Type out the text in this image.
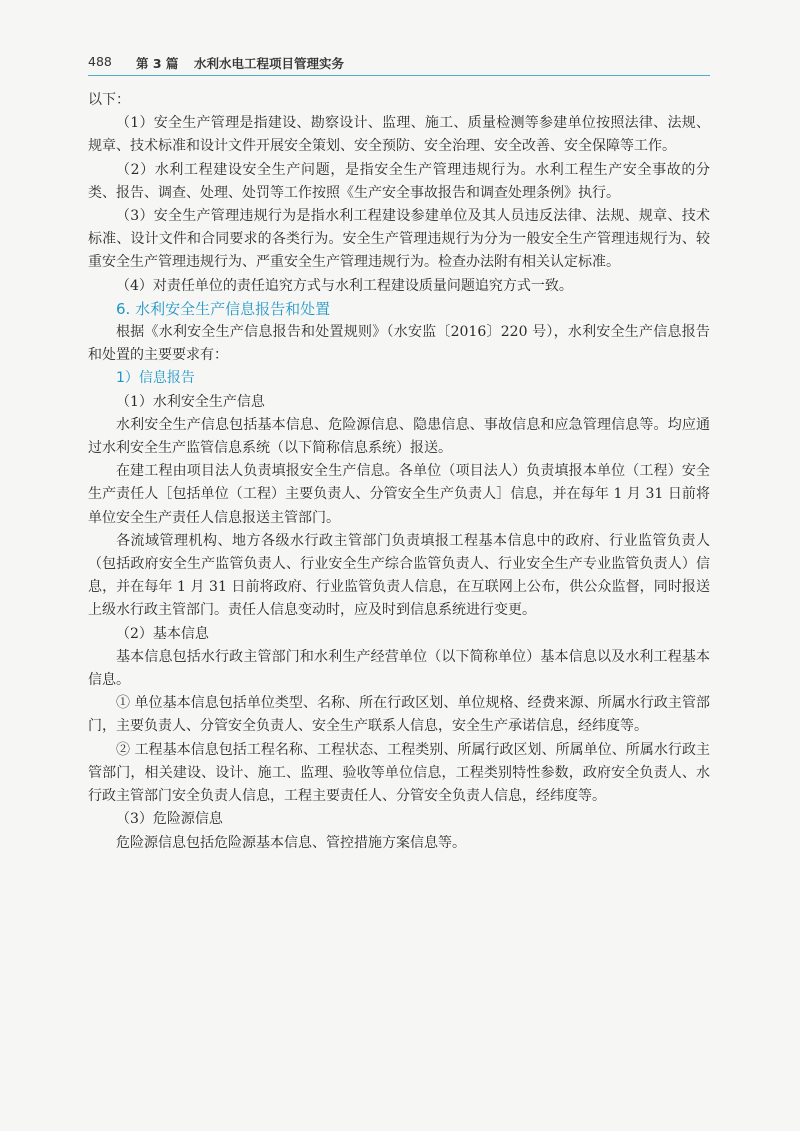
488 第 3 篇 水利水电工程项目管理实务

以下：

（1）安全生产管理是指建设、勘察设计、监理、施工、质量检测等参建单位按照法律、法规、规章、技术标准和设计文件开展安全策划、安全预防、安全治理、安全改善、安全保障等工作。

（2）水利工程建设安全生产问题，是指安全生产管理违规行为。水利工程生产安全事故的分类、报告、调查、处理、处罚等工作按照《生产安全事故报告和调查处理条例》执行。

（3）安全生产管理违规行为是指水利工程建设参建单位及其人员违反法律、法规、规章、技术标准、设计文件和合同要求的各类行为。安全生产管理违规行为分为一般安全生产管理违规行为、较重安全生产管理违规行为、严重安全生产管理违规行为。检查办法附有相关认定标准。

（4）对责任单位的责任追究方式与水利工程建设质量问题追究方式一致。

6. 水利安全生产信息报告和处置

根据《水利安全生产信息报告和处置规则》（水安监〔2016〕220 号），水利安全生产信息报告和处置的主要要求有：

1）信息报告

（1）水利安全生产信息

水利安全生产信息包括基本信息、危险源信息、隐患信息、事故信息和应急管理信息等。均应通过水利安全生产监管信息系统（以下简称信息系统）报送。

在建工程由项目法人负责填报安全生产信息。各单位（项目法人）负责填报本单位（工程）安全生产责任人［包括单位（工程）主要负责人、分管安全生产负责人］信息，并在每年 1 月 31 日前将单位安全生产责任人信息报送主管部门。

各流域管理机构、地方各级水行政主管部门负责填报工程基本信息中的政府、行业监管负责人（包括政府安全生产监管负责人、行业安全生产综合监管负责人、行业安全生产专业监管负责人）信息，并在每年 1 月 31 日前将政府、行业监管负责人信息，在互联网上公布，供公众监督，同时报送上级水行政主管部门。责任人信息变动时，应及时到信息系统进行变更。

（2）基本信息

基本信息包括水行政主管部门和水利生产经营单位（以下简称单位）基本信息以及水利工程基本信息。

① 单位基本信息包括单位类型、名称、所在行政区划、单位规格、经费来源、所属水行政主管部门，主要负责人、分管安全负责人、安全生产联系人信息，安全生产承诺信息，经纬度等。

② 工程基本信息包括工程名称、工程状态、工程类别、所属行政区划、所属单位、所属水行政主管部门，相关建设、设计、施工、监理、验收等单位信息，工程类别特性参数，政府安全负责人、水行政主管部门安全负责人信息，工程主要责任人、分管安全负责人信息，经纬度等。

（3）危险源信息

危险源信息包括危险源基本信息、管控措施方案信息等。
